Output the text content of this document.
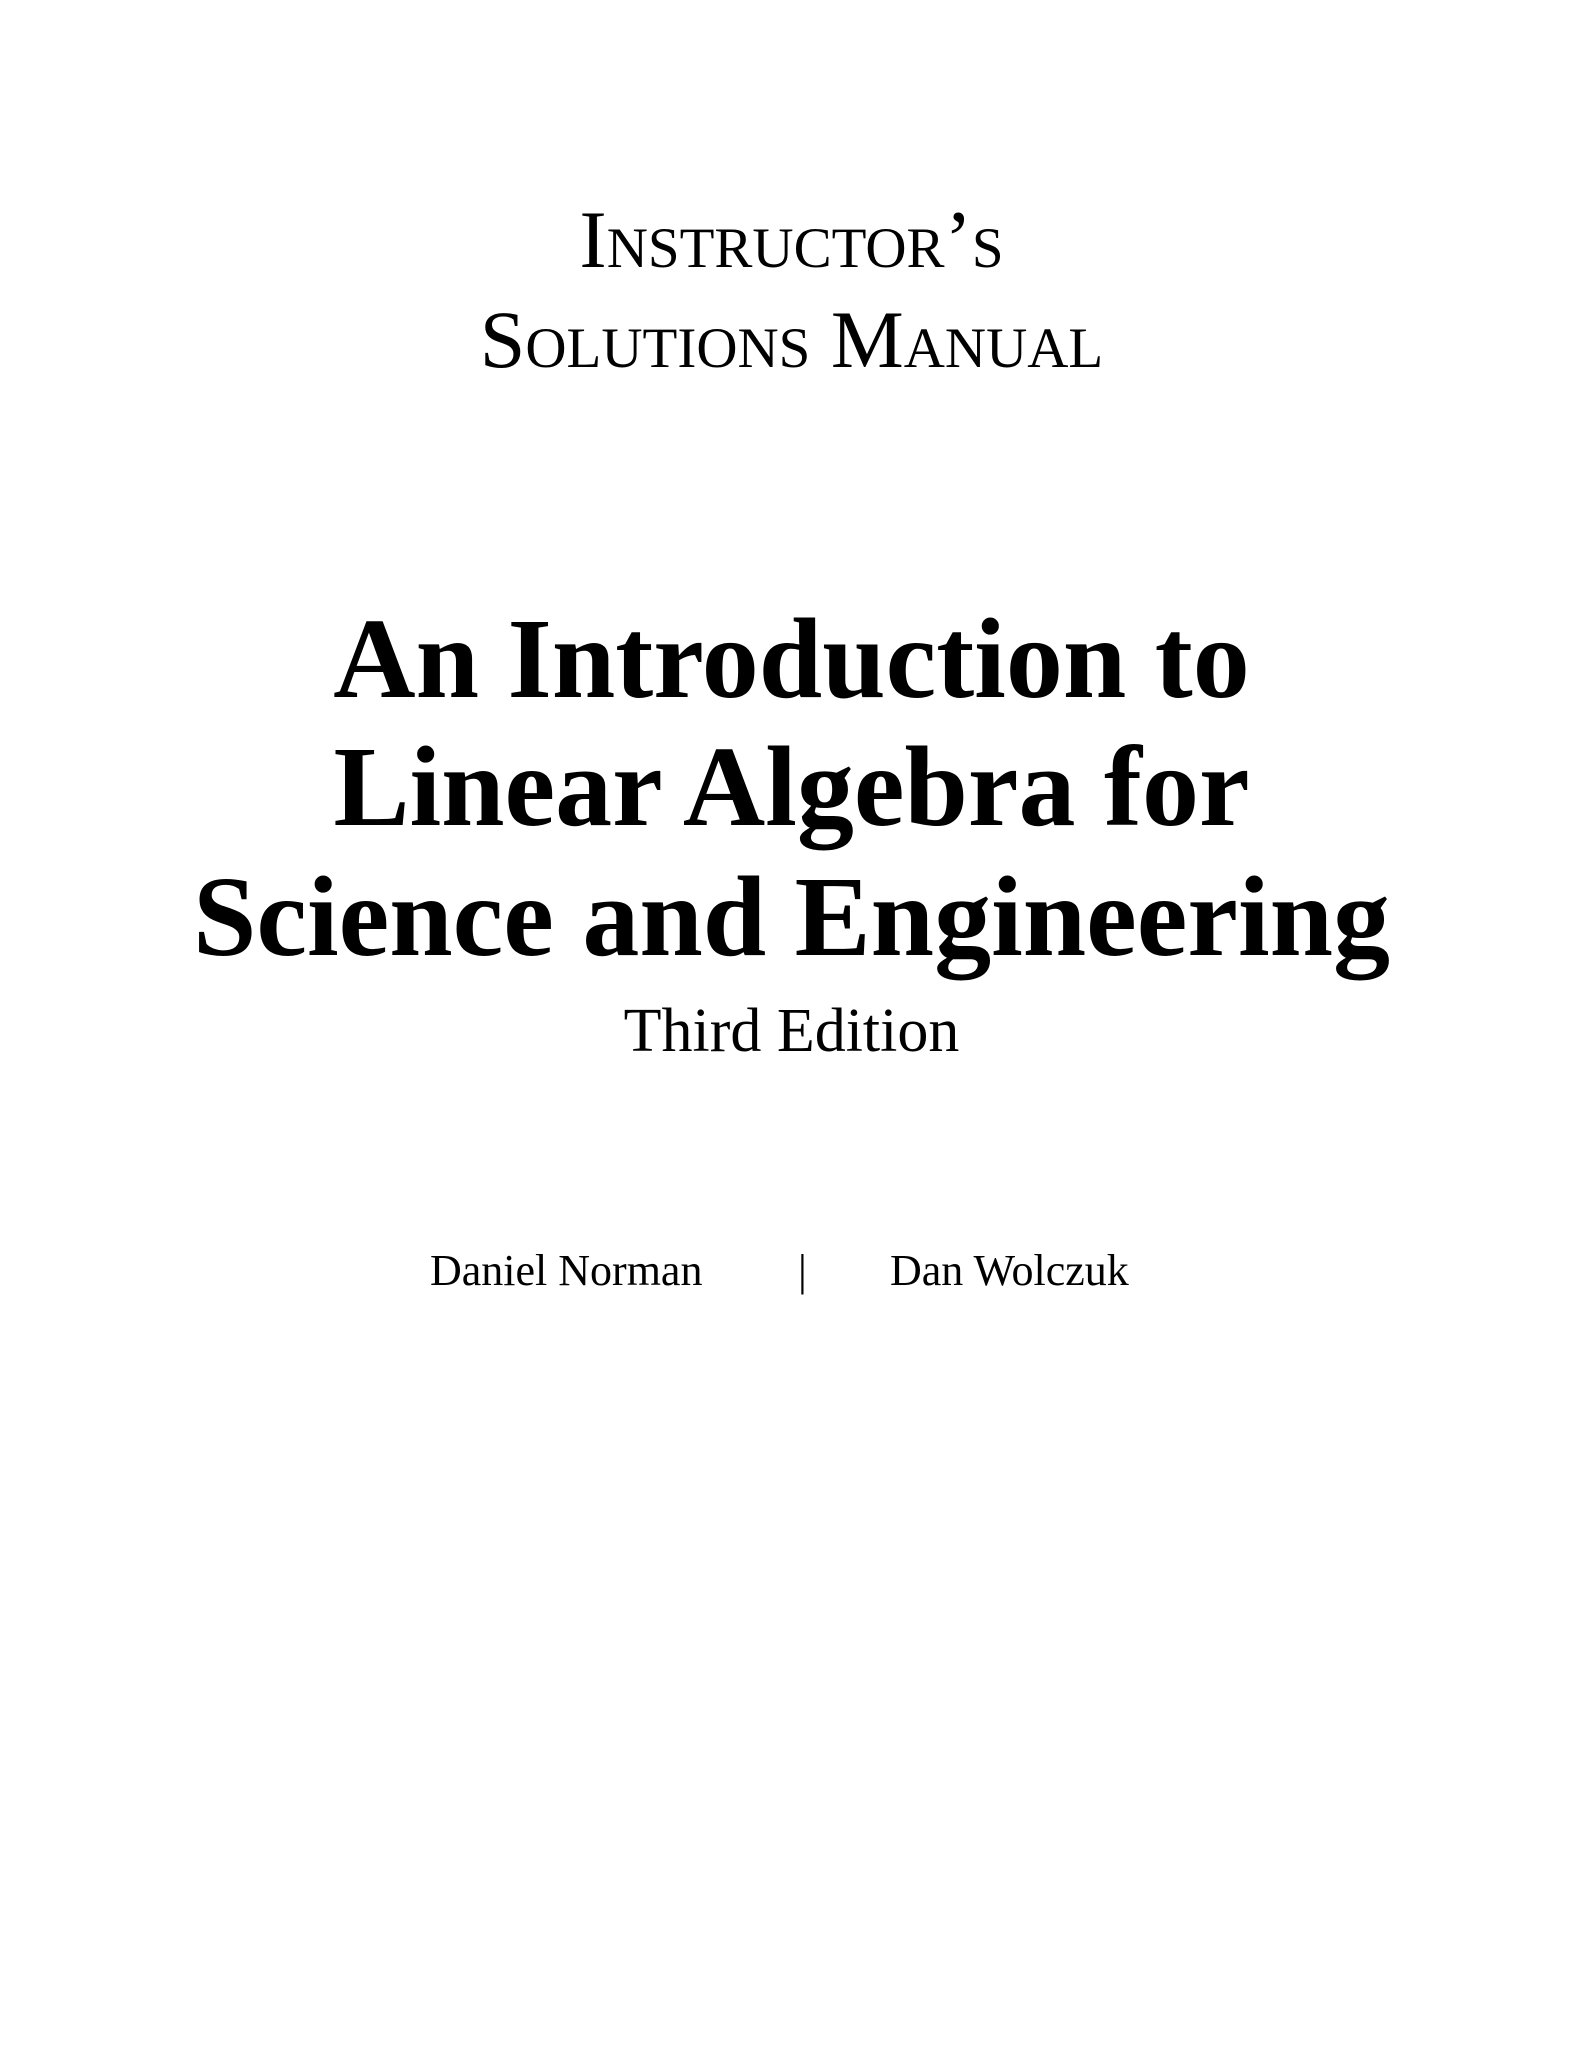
Instructor’s
Solutions Manual
An Introduction to
Linear Algebra for
Science and Engineering
Third Edition
Daniel Norman | Dan Wolczuk
